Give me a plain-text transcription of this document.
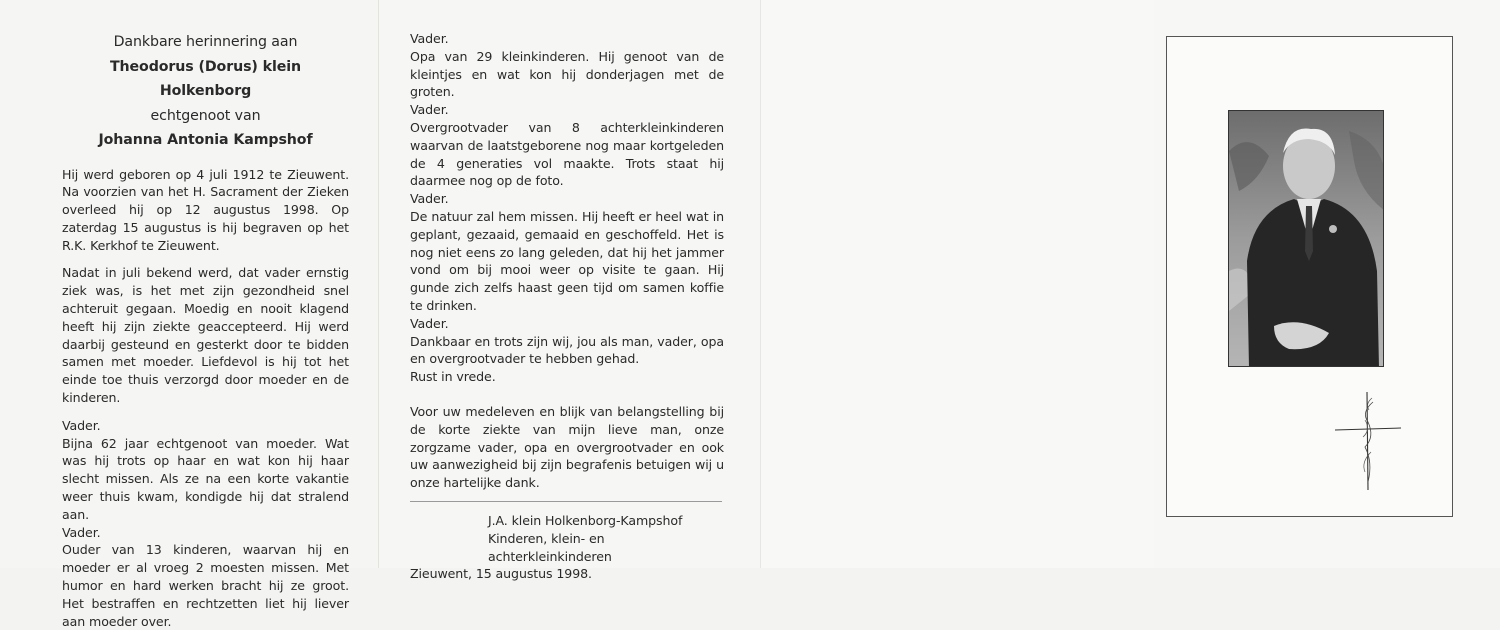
Dankbare herinnering aan
Theodorus (Dorus) klein Holkenborg
echtgenoot van
Johanna Antonia Kampshof

Hij werd geboren op 4 juli 1912 te Zieuwent. Na voorzien van het H. Sacrament der Zieken overleed hij op 12 augustus 1998. Op zaterdag 15 augustus is hij begraven op het R.K. Kerkhof te Zieuwent.

Nadat in juli bekend werd, dat vader ernstig ziek was, is het met zijn gezondheid snel achteruit gegaan. Moedig en nooit klagend heeft hij zijn ziekte geaccepteerd. Hij werd daarbij gesteund en gesterkt door te bidden samen met moeder. Liefdevol is hij tot het einde toe thuis verzorgd door moeder en de kinderen.

Vader.

Bijna 62 jaar echtgenoot van moeder. Wat was hij trots op haar en wat kon hij haar slecht missen. Als ze na een korte vakantie weer thuis kwam, kondigde hij dat stralend aan.

Vader.

Ouder van 13 kinderen, waarvan hij en moeder er al vroeg 2 moesten missen. Met humor en hard werken bracht hij ze groot. Het bestraffen en rechtzetten liet hij liever aan moeder over.

Vader.

Opa van 29 kleinkinderen. Hij genoot van de kleintjes en wat kon hij donderjagen met de groten.

Vader.

Overgrootvader van 8 achterkleinkinderen waarvan de laatstgeborene nog maar kortgeleden de 4 generaties vol maakte. Trots staat hij daarmee nog op de foto.

Vader.

De natuur zal hem missen. Hij heeft er heel wat in geplant, gezaaid, gemaaid en geschoffeld. Het is nog niet eens zo lang geleden, dat hij het jammer vond om bij mooi weer op visite te gaan. Hij gunde zich zelfs haast geen tijd om samen koffie te drinken.

Vader.

Dankbaar en trots zijn wij, jou als man, vader, opa en overgrootvader te hebben gehad.

Rust in vrede.

Voor uw medeleven en blijk van belangstelling bij de korte ziekte van mijn lieve man, onze zorgzame vader, opa en overgrootvader en ook uw aanwezigheid bij zijn begrafenis betuigen wij u onze hartelijke dank.

J.A. klein Holkenborg-Kampshof

Kinderen, klein- en achterkleinkinderen

Zieuwent, 15 augustus 1998.
